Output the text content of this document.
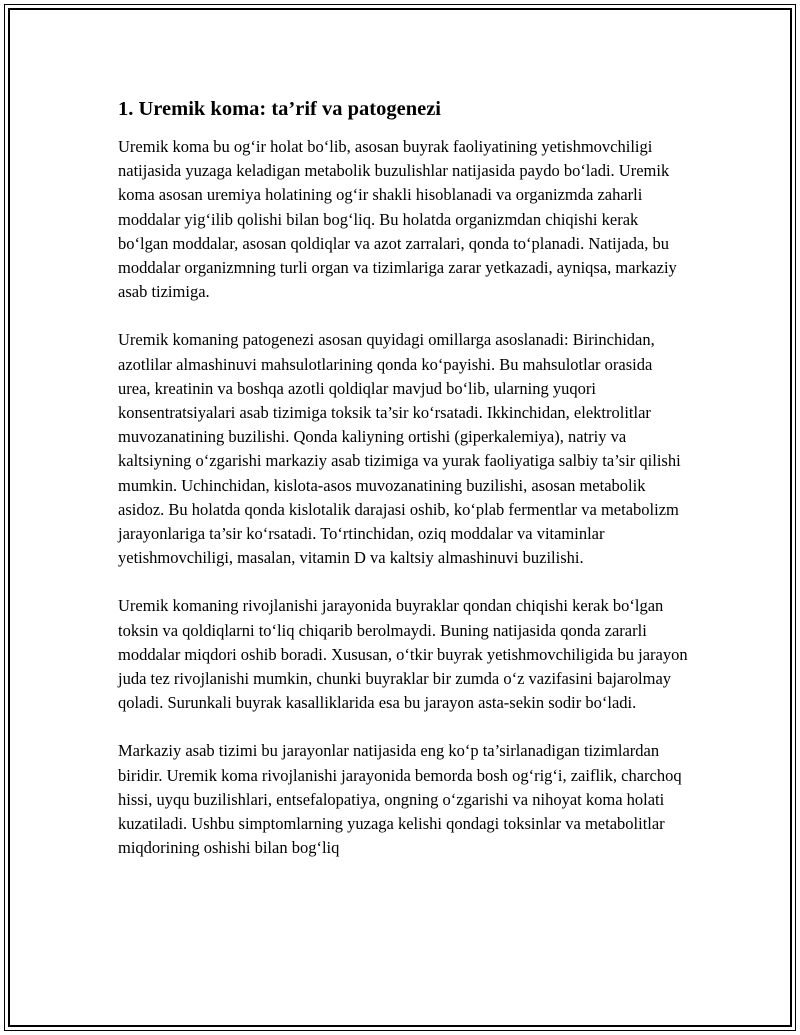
1. Uremik koma: ta’rif va patogenezi

Uremik koma bu og‘ir holat bo‘lib, asosan buyrak faoliyatining yetishmovchiligi natijasida yuzaga keladigan metabolik buzulishlar natijasida paydo bo‘ladi. Uremik koma asosan uremiya holatining og‘ir shakli hisoblanadi va organizmda zaharli moddalar yig‘ilib qolishi bilan bog‘liq. Bu holatda organizmdan chiqishi kerak bo‘lgan moddalar, asosan qoldiqlar va azot zarralari, qonda to‘planadi. Natijada, bu moddalar organizmning turli organ va tizimlariga zarar yetkazadi, ayniqsa, markaziy asab tizimiga.

Uremik komaning patogenezi asosan quyidagi omillarga asoslanadi: Birinchidan, azotlilar almashinuvi mahsulotlarining qonda ko‘payishi. Bu mahsulotlar orasida urea, kreatinin va boshqa azotli qoldiqlar mavjud bo‘lib, ularning yuqori konsentratsiyalari asab tizimiga toksik ta’sir ko‘rsatadi. Ikkinchidan, elektrolitlar muvozanatining buzilishi. Qonda kaliyning ortishi (giperkalemiya), natriy va kaltsiyning o‘zgarishi markaziy asab tizimiga va yurak faoliyatiga salbiy ta’sir qilishi mumkin. Uchinchidan, kislota-asos muvozanatining buzilishi, asosan metabolik asidoz. Bu holatda qonda kislotalik darajasi oshib, ko‘plab fermentlar va metabolizm jarayonlariga ta’sir ko‘rsatadi. To‘rtinchidan, oziq moddalar va vitaminlar yetishmovchiligi, masalan, vitamin D va kaltsiy almashinuvi buzilishi.

Uremik komaning rivojlanishi jarayonida buyraklar qondan chiqishi kerak bo‘lgan toksin va qoldiqlarni to‘liq chiqarib berolmaydi. Buning natijasida qonda zararli moddalar miqdori oshib boradi. Xususan, o‘tkir buyrak yetishmovchiligida bu jarayon juda tez rivojlanishi mumkin, chunki buyraklar bir zumda o‘z vazifasini bajarolmay qoladi. Surunkali buyrak kasalliklarida esa bu jarayon asta-sekin sodir bo‘ladi.

Markaziy asab tizimi bu jarayonlar natijasida eng ko‘p ta’sirlanadigan tizimlardan biridir. Uremik koma rivojlanishi jarayonida bemorda bosh og‘rig‘i, zaiflik, charchoq hissi, uyqu buzilishlari, entsefalopatiya, ongning o‘zgarishi va nihoyat koma holati kuzatiladi. Ushbu simptomlarning yuzaga kelishi qondagi toksinlar va metabolitlar miqdorining oshishi bilan bog‘liq
